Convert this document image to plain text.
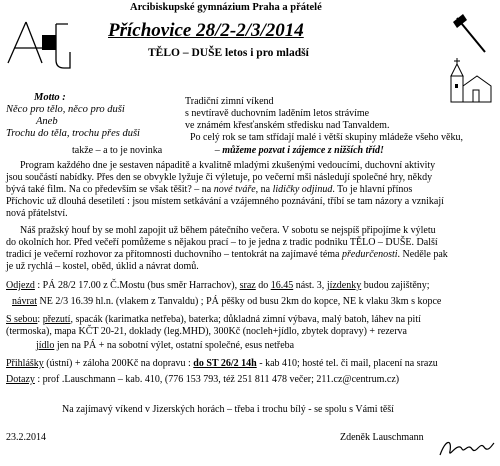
Arcibiskupské gymnázium Praha a přátelé
Příchovice 28/2-2/3/2014
TĚLO – DUŠE letos i pro mladší
Motto :
Něco pro tělo, něco pro duši
Aneb
Trochu do těla, trochu přes duši
Tradiční zimní víkend
s nevtíravě duchovním laděním letos strávíme
ve známém křesťanském středisku nad Tanvaldem.
Po celý rok se tam střídají malé i větší skupiny mládeže všeho věku,
takže – a to je novinka	– můžeme pozvat i zájemce z nižších tříd!
Program každého dne je sestaven nápaditě a kvalitně mladými zkušenými vedoucími, duchovní aktivity
jsou součástí nabídky. Přes den se obvykle lyžuje či výletuje, po večerní mši následují společné hry, někdy
bývá také film. Na co především se však těšit? – na nové tváře, na lidičky odjinud. To je hlavní přínos
Příchovic už dlouhá desetiletí : jsou místem setkávání a vzájemného poznávání, tříbí se tam názory a vznikají
nová přátelství.
Náš pražský houf by se mohl zapojit už během pátečního večera. V sobotu se nejspíš připojíme k výletu
do okolních hor. Před večeří pomůžeme s nějakou prací – to je jedna z tradic podniku TĚLO – DUŠE. Další
tradicí je večerní rozhovor za přítomnosti duchovního – tentokrát na zajímavé téma předurčenosti. Neděle pak
je už rychlá – kostel, oběd, úklid a návrat domů.
Odjezd : PÁ 28/2 17.00 z Č.Mostu (bus směr Harrachov), sraz do 16.45 nást. 3, jízdenky budou zajištěny;
návrat NE 2/3 16.39 hl.n. (vlakem z Tanvaldu) ; PÁ pěšky od busu 2km do kopce, NE k vlaku 3km s kopce
S sebou: přezutí, spacák (karimatka netřeba), baterka; důkladná zimní výbava, malý batoh, láhev na pití
(termoska), mapa KČT 20-21, doklady (leg.MHD), 300Kč (nocleh+jídlo, zbytek dopravy) + rezerva
jídlo jen na PÁ + na sobotní výlet, ostatní společné, esus netřeba
Přihlášky (ústní) + záloha 200Kč na dopravu : do ST 26/2 14h - kab 410; hosté tel. či mail, placení na srazu
Dotazy : prof .Lauschmann – kab. 410, (776 153 793, též 251 811 478 večer; 211.cz@centrum.cz)
Na zajímavý víkend v Jizerských horách – třeba i trochu bílý - se spolu s Vámi těší
23.2.2014	Zdeněk Lauschmann
